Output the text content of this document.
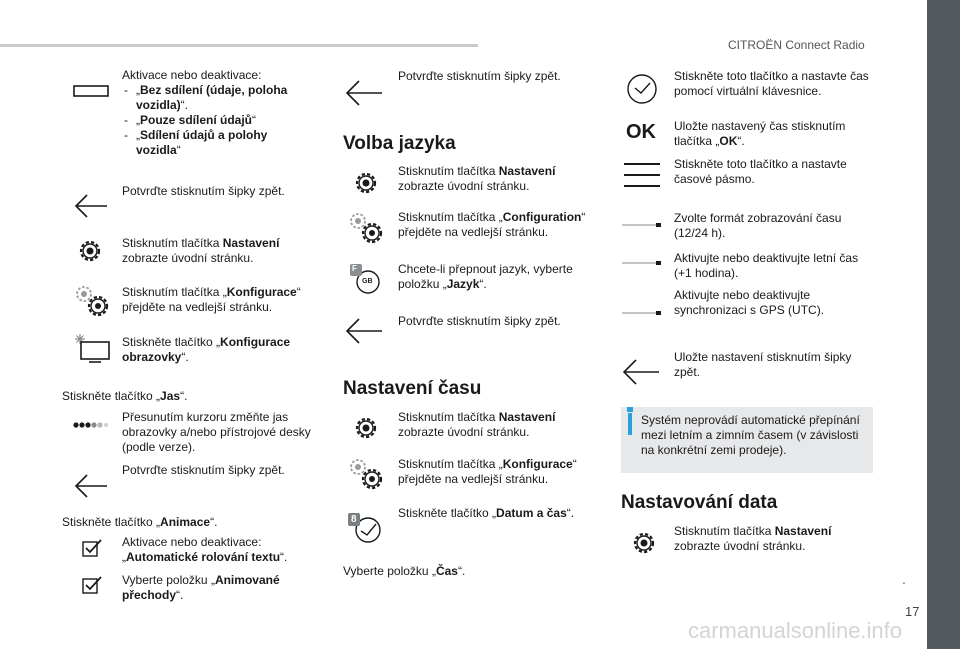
CITROËN Connect Radio
Aktivace nebo deaktivace:
- „Bez sdílení (údaje, poloha vozidla)“.
- „Pouze sdílení údajů“
- „Sdílení údajů a polohy vozidla“
Potvrďte stisknutím šipky zpět.
Stisknutím tlačítka Nastavení zobrazte úvodní stránku.
Stisknutím tlačítka „Konfigurace“ přejděte na vedlejší stránku.
Stiskněte tlačítko „Konfigurace obrazovky“.
Stiskněte tlačítko „Jas“.
Přesunutím kurzoru změňte jas obrazovky a/nebo přístrojové desky (podle verze).
Potvrďte stisknutím šipky zpět.
Stiskněte tlačítko „Animace“.
Aktivace nebo deaktivace:
„Automatické rolování textu“.
Vyberte položku „Animované přechody“.
Potvrďte stisknutím šipky zpět.
Volba jazyka
Stisknutím tlačítka Nastavení zobrazte úvodní stránku.
Stisknutím tlačítka „Configuration“ přejděte na vedlejší stránku.
F
GB
Chcete-li přepnout jazyk, vyberte položku „Jazyk“.
Potvrďte stisknutím šipky zpět.
Nastavení času
Stisknutím tlačítka Nastavení zobrazte úvodní stránku.
Stisknutím tlačítka „Konfigurace“ přejděte na vedlejší stránku.
8	Stiskněte tlačítko „Datum a čas“.
Vyberte položku „Čas“.
Stiskněte toto tlačítko a nastavte čas pomocí virtuální klávesnice.
OK Uložte nastavený čas stisknutím tlačítka „OK“.
Stiskněte toto tlačítko a nastavte časové pásmo.
Zvolte formát zobrazování času (12/24 h).
Aktivujte nebo deaktivujte letní čas (+1 hodina).
Aktivujte nebo deaktivujte synchronizaci s GPS (UTC).
Uložte nastavení stisknutím šipky zpět.
Systém neprovádí automatické přepínání mezi letním a zimním časem (v závislosti na konkrétní zemi prodeje).
Nastavování data
Stisknutím tlačítka Nastavení zobrazte úvodní stránku.
.
17
carmanualsonline.info
